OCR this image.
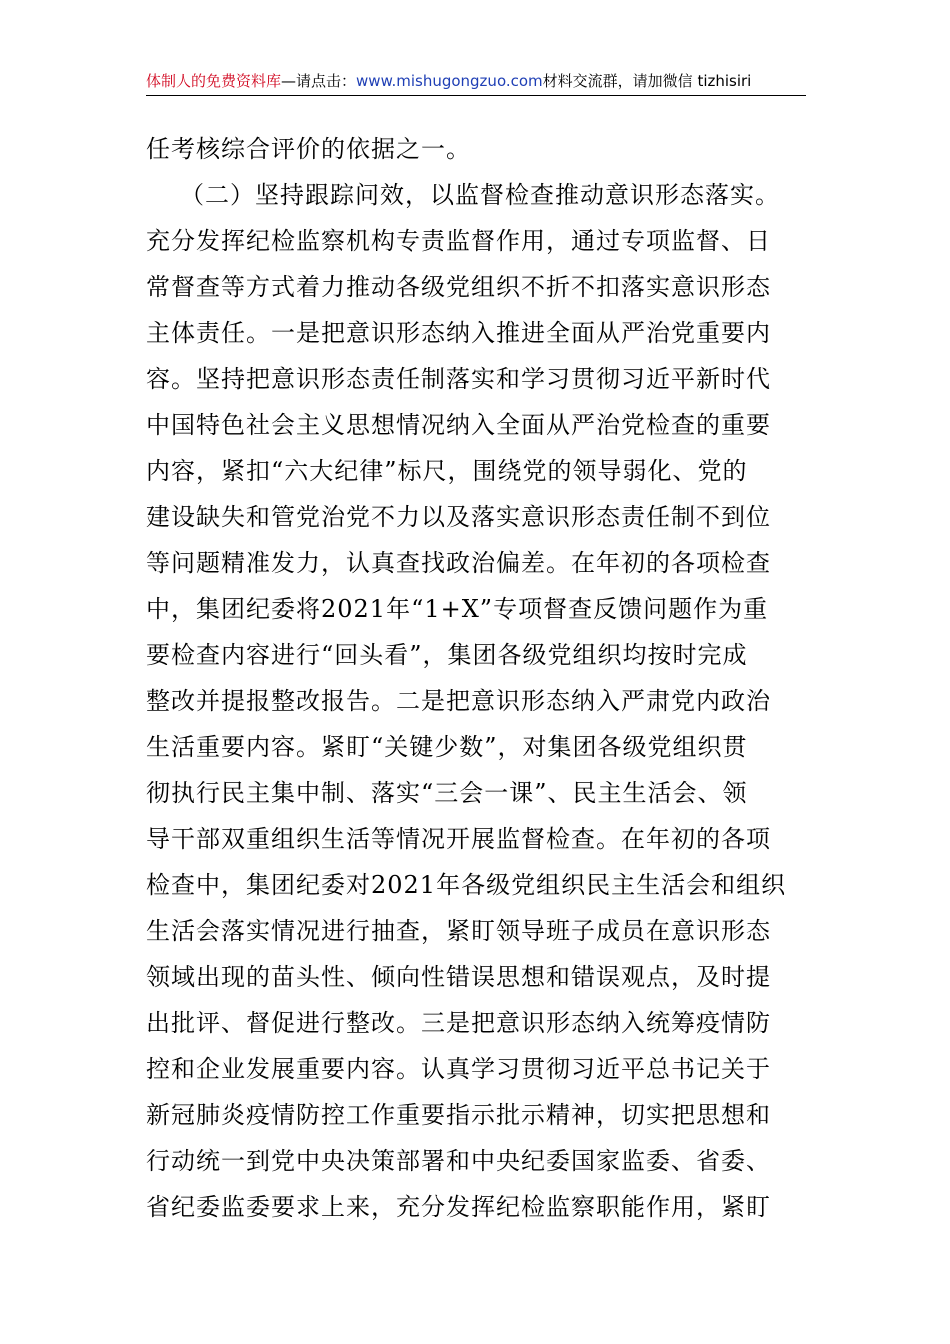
体制人的免费资料库—请点击：www.mishugongzuo.com材料交流群，请加微信 tizhisiri
任考核综合评价的依据之一。
（二）坚持跟踪问效，以监督检查推动意识形态落实。
充分发挥纪检监察机构专责监督作用，通过专项监督、日
常督查等方式着力推动各级党组织不折不扣落实意识形态
主体责任。一是把意识形态纳入推进全面从严治党重要内
容。坚持把意识形态责任制落实和学习贯彻习近平新时代
中国特色社会主义思想情况纳入全面从严治党检查的重要
内容，紧扣“六大纪律”标尺，围绕党的领导弱化、党的
建设缺失和管党治党不力以及落实意识形态责任制不到位
等问题精准发力，认真查找政治偏差。在年初的各项检查
中，集团纪委将2021年“1+X”专项督查反馈问题作为重
要检查内容进行“回头看”，集团各级党组织均按时完成
整改并提报整改报告。二是把意识形态纳入严肃党内政治
生活重要内容。紧盯“关键少数”，对集团各级党组织贯
彻执行民主集中制、落实“三会一课”、民主生活会、领
导干部双重组织生活等情况开展监督检查。在年初的各项
检查中，集团纪委对2021年各级党组织民主生活会和组织
生活会落实情况进行抽查，紧盯领导班子成员在意识形态
领域出现的苗头性、倾向性错误思想和错误观点，及时提
出批评、督促进行整改。三是把意识形态纳入统筹疫情防
控和企业发展重要内容。认真学习贯彻习近平总书记关于
新冠肺炎疫情防控工作重要指示批示精神，切实把思想和
行动统一到党中央决策部署和中央纪委国家监委、省委、
省纪委监委要求上来，充分发挥纪检监察职能作用，紧盯
